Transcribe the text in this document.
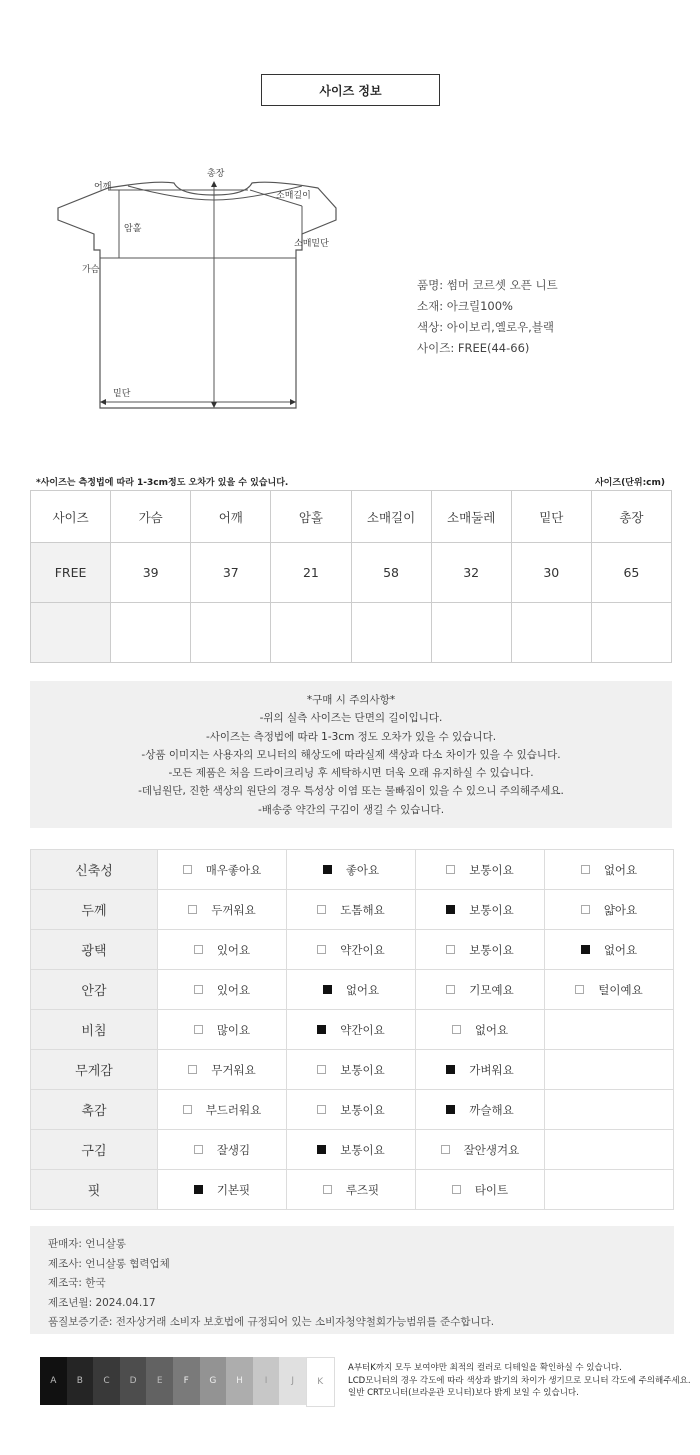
사이즈 정보
총장
어깨
소매길이
암홀
소매밑단
가슴
밑단
품명: 썸머 코르셋 오픈 니트
소재: 아크릴100%
색상: 아이보리,옐로우,블랙
사이즈: FREE(44-66)
*사이즈는 측정법에 따라 1-3cm정도 오차가 있을 수 있습니다.	사이즈(단위:cm)
사이즈	가슴	어깨	암홀	소매길이	소매둘레	밑단	총장
FREE	39	37	21	58	32	30	65

*구매 시 주의사항*
-위의 실측 사이즈는 단면의 길이입니다.
-사이즈는 측정법에 따라 1-3cm 정도 오차가 있을 수 있습니다.
-상품 이미지는 사용자의 모니터의 해상도에 따라실제 색상과 다소 차이가 있을 수 있습니다.
-모든 제품은 처음 드라이크리닝 후 세탁하시면 더욱 오래 유지하실 수 있습니다.
-데님원단, 진한 색상의 원단의 경우 특성상 이염 또는 물빠짐이 있을 수 있으니 주의해주세요.
-배송중 약간의 구김이 생길 수 있습니다.
신축성	매우좋아요	좋아요	보통이요	없어요

두께	두꺼워요	도톰해요	보통이요	얇아요

광택	있어요	약간이요	보통이요	없어요

안감	있어요	없어요	기모예요	털이예요

비침	많이요	약간이요	없어요	

무게감	무거워요	보통이요	가벼워요	

촉감	부드러워요	보통이요	까슬해요	

구김	잘생김	보통이요	잘안생겨요	

핏	기본핏	루즈핏	타이트	

판매자: 언니살롱
제조사: 언니살롱 협력업체
제조국: 한국
제조년월: 2024.04.17
품질보증기준: 전자상거래 소비자 보호법에 규정되어 있는 소비자청약철회가능범위를 준수합니다.
A	B	C	D	E	F	G	H	I	J	K
A부터K까지 모두 보여야만 최적의 컬러로 디테일을 확인하실 수 있습니다.
LCD모니터의 경우 각도에 따라 색상과 밝기의 차이가 생기므로 모니터 각도에 주의해주세요.
일반 CRT모니터(브라운관 모니터)보다 밝게 보일 수 있습니다.
